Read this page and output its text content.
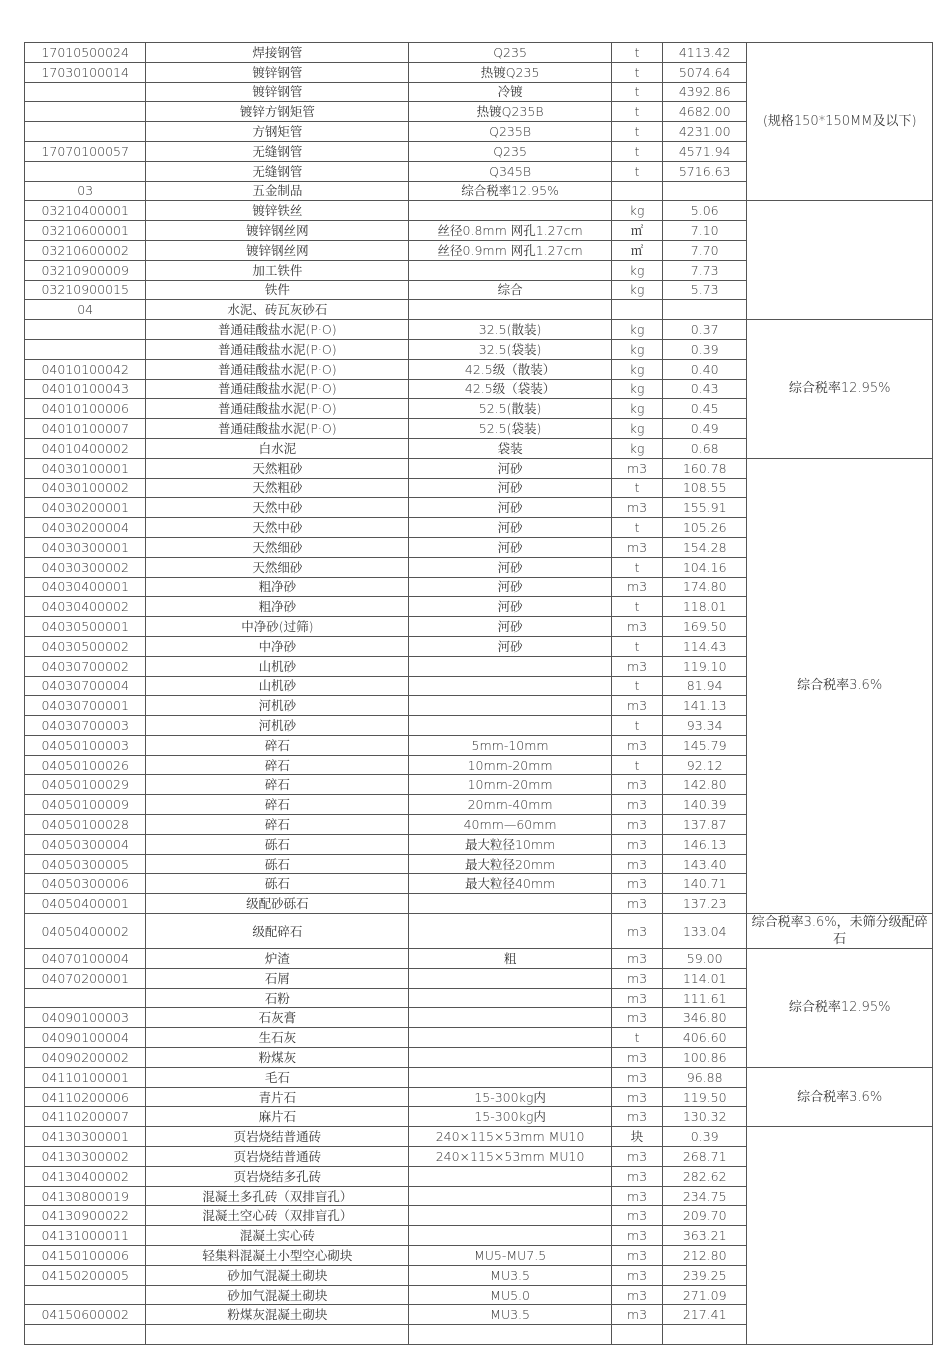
17010500024	焊接钢管	Q235	t	4113.42	(规格150*150MM及以下)
17030100014	镀锌钢管	热镀Q235	t	5074.64	
	镀锌钢管	冷镀	t	4392.86	
	镀锌方钢矩管	热镀Q235B	t	4682.00	
	方钢矩管	Q235B	t	4231.00	
17070100057	无缝钢管	Q235	t	4571.94	
	无缝钢管	Q345B	t	5716.63	
03	五金制品	综合税率12.95%			
03210400001	镀锌铁丝		kg	5.06	
03210600001	镀锌钢丝网	丝径0.8mm 网孔1.27cm	㎡	7.10	
03210600002	镀锌钢丝网	丝径0.9mm 网孔1.27cm	㎡	7.70	
03210900009	加工铁件		kg	7.73	
03210900015	铁件	综合	kg	5.73	
04	水泥、砖瓦灰砂石				
	普通硅酸盐水泥(P·O)	32.5(散装)	kg	0.37	综合税率12.95%
	普通硅酸盐水泥(P·O)	32.5(袋装)	kg	0.39	
04010100042	普通硅酸盐水泥(P·O)	42.5级（散装）	kg	0.40	
04010100043	普通硅酸盐水泥(P·O)	42.5级（袋装）	kg	0.43	
04010100006	普通硅酸盐水泥(P·O)	52.5(散装)	kg	0.45	
04010100007	普通硅酸盐水泥(P·O)	52.5(袋装)	kg	0.49	
04010400002	白水泥	袋装	kg	0.68	
04030100001	天然粗砂	河砂	m3	160.78	综合税率3.6%
04030100002	天然粗砂	河砂	t	108.55	
04030200001	天然中砂	河砂	m3	155.91	
04030200004	天然中砂	河砂	t	105.26	
04030300001	天然细砂	河砂	m3	154.28	
04030300002	天然细砂	河砂	t	104.16	
04030400001	粗净砂	河砂	m3	174.80	
04030400002	粗净砂	河砂	t	118.01	
04030500001	中净砂(过筛)	河砂	m3	169.50	
04030500002	中净砂	河砂	t	114.43	
04030700002	山机砂		m3	119.10	
04030700004	山机砂		t	81.94	
04030700001	河机砂		m3	141.13	
04030700003	河机砂		t	93.34	
04050100003	碎石	5mm-10mm	m3	145.79	
04050100026	碎石	10mm-20mm	t	92.12	
04050100029	碎石	10mm-20mm	m3	142.80	
04050100009	碎石	20mm-40mm	m3	140.39	
04050100028	碎石	40mm—60mm	m3	137.87	
04050300004	砾石	最大粒径10mm	m3	146.13	
04050300005	砾石	最大粒径20mm	m3	143.40	
04050300006	砾石	最大粒径40mm	m3	140.71	
04050400001	级配砂砾石		m3	137.23	
04050400002	级配碎石		m3	133.04	综合税率3.6%，未筛分级配碎石
04070100004	炉渣	粗	m3	59.00	综合税率12.95%
04070200001	石屑		m3	114.01	
	石粉		m3	111.61	
04090100003	石灰膏		m3	346.80	
04090100004	生石灰		t	406.60	
04090200002	粉煤灰		m3	100.86	
04110100001	毛石		m3	96.88	综合税率3.6%
04110200006	青片石	15-300kg内	m3	119.50	
04110200007	麻片石	15-300kg内	m3	130.32	
04130300001	页岩烧结普通砖	240×115×53mm MU10	块	0.39	
04130300002	页岩烧结普通砖	240×115×53mm MU10	m3	268.71	
04130400002	页岩烧结多孔砖		m3	282.62	
04130800019	混凝土多孔砖（双排盲孔）		m3	234.75	
04130900022	混凝土空心砖（双排盲孔）		m3	209.70	
04131000011	混凝土实心砖		m3	363.21	
04150100006	轻集料混凝土小型空心砌块	MU5-MU7.5	m3	212.80	
04150200005	砂加气混凝土砌块	MU3.5	m3	239.25	
	砂加气混凝土砌块	MU5.0	m3	271.09	
04150600002	粉煤灰混凝土砌块	MU3.5	m3	217.41	
